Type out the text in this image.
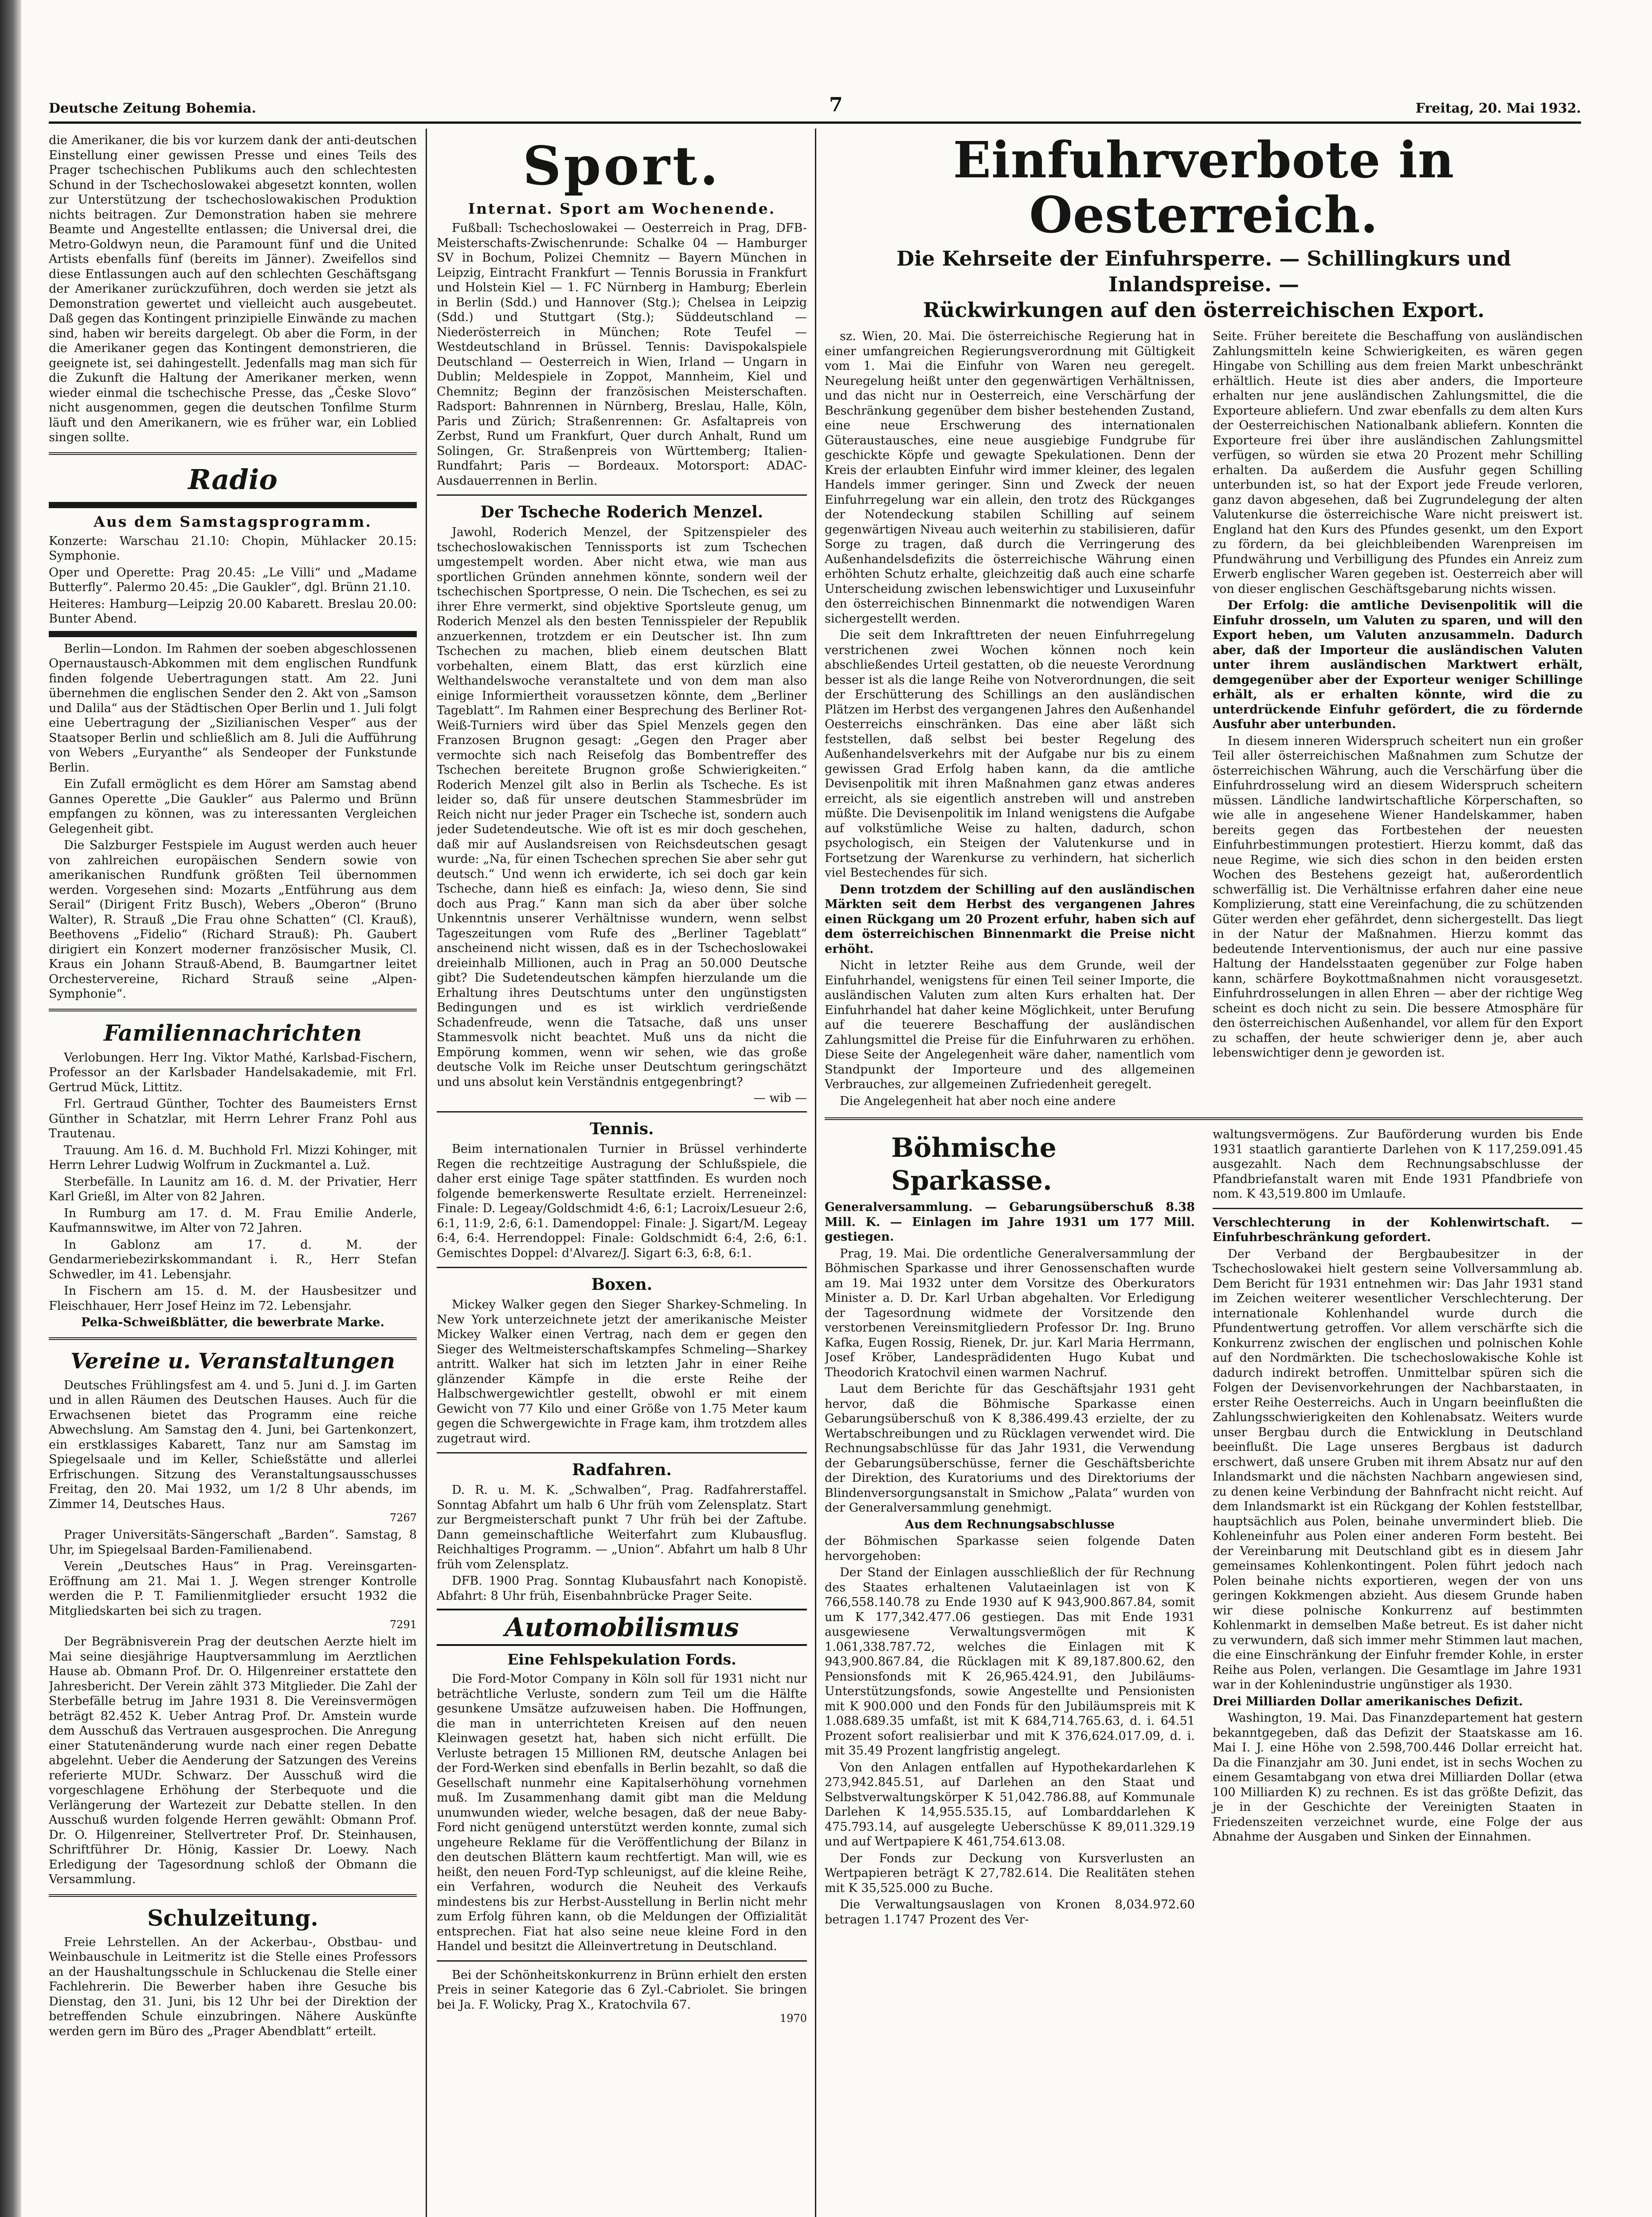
Deutsche Zeitung Bohemia.	7	Freitag, 20. Mai 1932.

die Amerikaner, die bis vor kurzem dank der anti-deutschen Einstellung einer gewissen Presse und eines Teils des Prager tschechischen Publikums auch den schlechtesten Schund in der Tschechoslowakei abgesetzt konnten, wollen zur Unterstützung der tschechoslowakischen Produktion nichts beitragen. Zur Demonstration haben sie mehrere Beamte und Angestellte entlassen; die Universal drei, die Metro-Goldwyn neun, die Paramount fünf und die United Artists ebenfalls fünf (bereits im Jänner). Zweifellos sind diese Entlassungen auch auf den schlechten Geschäftsgang der Amerikaner zurückzuführen, doch werden sie jetzt als Demonstration gewertet und vielleicht auch ausgebeutet. Daß gegen das Kontingent prinzipielle Einwände zu machen sind, haben wir bereits dargelegt. Ob aber die Form, in der die Amerikaner gegen das Kontingent demonstrieren, die geeignete ist, sei dahingestellt. Jedenfalls mag man sich für die Zukunft die Haltung der Amerikaner merken, wenn wieder einmal die tschechische Presse, das „Česke Slovo“ nicht ausgenommen, gegen die deutschen Tonfilme Sturm läuft und den Amerikanern, wie es früher war, ein Loblied singen sollte.

Radio
Aus dem Samstagsprogramm.

Konzerte: Warschau 21.10: Chopin, Mühlacker 20.15: Symphonie.

Oper und Operette: Prag 20.45: „Le Villi“ und „Madame Butterfly“. Palermo 20.45: „Die Gaukler“, dgl. Brünn 21.10.

Heiteres: Hamburg—Leipzig 20.00 Kabarett. Breslau 20.00: Bunter Abend.

Berlin—London. Im Rahmen der soeben abgeschlossenen Opernaustausch-Abkommen mit dem englischen Rundfunk finden folgende Uebertragungen statt. Am 22. Juni übernehmen die englischen Sender den 2. Akt von „Samson und Dalila“ aus der Städtischen Oper Berlin und 1. Juli folgt eine Uebertragung der „Sizilianischen Vesper“ aus der Staatsoper Berlin und schließlich am 8. Juli die Aufführung von Webers „Euryanthe“ als Sendeoper der Funkstunde Berlin.

Ein Zufall ermöglicht es dem Hörer am Samstag abend Gannes Operette „Die Gaukler“ aus Palermo und Brünn empfangen zu können, was zu interessanten Vergleichen Gelegenheit gibt.

Die Salzburger Festspiele im August werden auch heuer von zahlreichen europäischen Sendern sowie von amerikanischen Rundfunk größten Teil übernommen werden. Vorgesehen sind: Mozarts „Entführung aus dem Serail“ (Dirigent Fritz Busch), Webers „Oberon“ (Bruno Walter), R. Strauß „Die Frau ohne Schatten“ (Cl. Krauß), Beethovens „Fidelio“ (Richard Strauß): Ph. Gaubert dirigiert ein Konzert moderner französischer Musik, Cl. Kraus ein Johann Strauß-Abend, B. Baumgartner leitet Orchestervereine, Richard Strauß seine „Alpen-Symphonie“.

Familiennachrichten

Verlobungen. Herr Ing. Viktor Mathé, Karlsbad-Fischern, Professor an der Karlsbader Handelsakademie, mit Frl. Gertrud Mück, Littitz.

Frl. Gertraud Günther, Tochter des Baumeisters Ernst Günther in Schatzlar, mit Herrn Lehrer Franz Pohl aus Trautenau.

Trauung. Am 16. d. M. Buchhold Frl. Mizzi Kohinger, mit Herrn Lehrer Ludwig Wolfrum in Zuckmantel a. Luž.

Sterbefälle. In Launitz am 16. d. M. der Privatier, Herr Karl Grießl, im Alter von 82 Jahren.

In Rumburg am 17. d. M. Frau Emilie Anderle, Kaufmannswitwe, im Alter von 72 Jahren.

In Gablonz am 17. d. M. der Gendarmeriebezirkskommandant i. R., Herr Stefan Schwedler, im 41. Lebensjahr.

In Fischern am 15. d. M. der Hausbesitzer und Fleischhauer, Herr Josef Heinz im 72. Lebensjahr.

Pelka-Schweißblätter, die bewerbrate Marke.

Vereine u. Veranstaltungen

Deutsches Frühlingsfest am 4. und 5. Juni d. J. im Garten und in allen Räumen des Deutschen Hauses. Auch für die Erwachsenen bietet das Programm eine reiche Abwechslung. Am Samstag den 4. Juni, bei Gartenkonzert, ein erstklassiges Kabarett, Tanz nur am Samstag im Spiegelsaale und im Keller, Schießstätte und allerlei Erfrischungen. Sitzung des Veranstaltungsausschusses Freitag, den 20. Mai 1932, um 1/2 8 Uhr abends, im Zimmer 14, Deutsches Haus.

7267

Prager Universitäts-Sängerschaft „Barden“. Samstag, 8 Uhr, im Spiegelsaal Barden-Familienabend.

Verein „Deutsches Haus“ in Prag. Vereinsgarten-Eröffnung am 21. Mai 1. J. Wegen strenger Kontrolle werden die P. T. Familienmitglieder ersucht 1932 die Mitgliedskarten bei sich zu tragen.

7291

Der Begräbnisverein Prag der deutschen Aerzte hielt im Mai seine diesjährige Hauptversammlung im Aerztlichen Hause ab. Obmann Prof. Dr. O. Hilgenreiner erstattete den Jahresbericht. Der Verein zählt 373 Mitglieder. Die Zahl der Sterbefälle betrug im Jahre 1931 8. Die Vereinsvermögen beträgt 82.452 K. Ueber Antrag Prof. Dr. Amstein wurde dem Ausschuß das Vertrauen ausgesprochen. Die Anregung einer Statutenänderung wurde nach einer regen Debatte abgelehnt. Ueber die Aenderung der Satzungen des Vereins referierte MUDr. Schwarz. Der Ausschuß wird die vorgeschlagene Erhöhung der Sterbequote und die Verlängerung der Wartezeit zur Debatte stellen. In den Ausschuß wurden folgende Herren gewählt: Obmann Prof. Dr. O. Hilgenreiner, Stellvertreter Prof. Dr. Steinhausen, Schriftführer Dr. Hönig, Kassier Dr. Loewy. Nach Erledigung der Tagesordnung schloß der Obmann die Versammlung.

Schulzeitung.

Freie Lehrstellen. An der Ackerbau-, Obstbau- und Weinbauschule in Leitmeritz ist die Stelle eines Professors an der Haushaltungsschule in Schluckenau die Stelle einer Fachlehrerin. Die Bewerber haben ihre Gesuche bis Dienstag, den 31. Juni, bis 12 Uhr bei der Direktion der betreffenden Schule einzubringen. Nähere Auskünfte werden gern im Büro des „Prager Abendblatt“ erteilt.

Sport.
Internat. Sport am Wochenende.

Fußball: Tschechoslowakei — Oesterreich in Prag, DFB-Meisterschafts-Zwischenrunde: Schalke 04 — Hamburger SV in Bochum, Polizei Chemnitz — Bayern München in Leipzig, Eintracht Frankfurt — Tennis Borussia in Frankfurt und Holstein Kiel — 1. FC Nürnberg in Hamburg; Eberlein in Berlin (Sdd.) und Hannover (Stg.); Chelsea in Leipzig (Sdd.) und Stuttgart (Stg.); Süddeutschland — Niederösterreich in München; Rote Teufel — Westdeutschland in Brüssel. Tennis: Davispokalspiele Deutschland — Oesterreich in Wien, Irland — Ungarn in Dublin; Meldespiele in Zoppot, Mannheim, Kiel und Chemnitz; Beginn der französischen Meisterschaften. Radsport: Bahnrennen in Nürnberg, Breslau, Halle, Köln, Paris und Zürich; Straßenrennen: Gr. Asfaltapreis von Zerbst, Rund um Frankfurt, Quer durch Anhalt, Rund um Solingen, Gr. Straßenpreis von Württemberg; Italien-Rundfahrt; Paris — Bordeaux. Motorsport: ADAC-Ausdauerrennen in Berlin.

Der Tscheche Roderich Menzel.

Jawohl, Roderich Menzel, der Spitzenspieler des tschechoslowakischen Tennissports ist zum Tschechen umgestempelt worden. Aber nicht etwa, wie man aus sportlichen Gründen annehmen könnte, sondern weil der tschechischen Sportpresse, O nein. Die Tschechen, es sei zu ihrer Ehre vermerkt, sind objektive Sportsleute genug, um Roderich Menzel als den besten Tennisspieler der Republik anzuerkennen, trotzdem er ein Deutscher ist. Ihn zum Tschechen zu machen, blieb einem deutschen Blatt vorbehalten, einem Blatt, das erst kürzlich eine Welthandelswoche veranstaltete und von dem man also einige Informiertheit voraussetzen könnte, dem „Berliner Tageblatt“. Im Rahmen einer Besprechung des Berliner Rot-Weiß-Turniers wird über das Spiel Menzels gegen den Franzosen Brugnon gesagt: „Gegen den Prager aber vermochte sich nach Reisefolg das Bombentreffer des Tschechen bereitete Brugnon große Schwierigkeiten.“ Roderich Menzel gilt also in Berlin als Tscheche. Es ist leider so, daß für unsere deutschen Stammesbrüder im Reich nicht nur jeder Prager ein Tscheche ist, sondern auch jeder Sudetendeutsche. Wie oft ist es mir doch geschehen, daß mir auf Auslandsreisen von Reichsdeutschen gesagt wurde: „Na, für einen Tschechen sprechen Sie aber sehr gut deutsch.“ Und wenn ich erwiderte, ich sei doch gar kein Tscheche, dann hieß es einfach: Ja, wieso denn, Sie sind doch aus Prag.“ Kann man sich da aber über solche Unkenntnis unserer Verhältnisse wundern, wenn selbst Tageszeitungen vom Rufe des „Berliner Tageblatt“ anscheinend nicht wissen, daß es in der Tschechoslowakei dreieinhalb Millionen, auch in Prag an 50.000 Deutsche gibt? Die Sudetendeutschen kämpfen hierzulande um die Erhaltung ihres Deutschtums unter den ungünstigsten Bedingungen und es ist wirklich verdrießende Schadenfreude, wenn die Tatsache, daß uns unser Stammesvolk nicht beachtet. Muß uns da nicht die Empörung kommen, wenn wir sehen, wie das große deutsche Volk im Reiche unser Deutschtum geringschätzt und uns absolut kein Verständnis entgegenbringt?

— wib —
Tennis.

Beim internationalen Turnier in Brüssel verhinderte Regen die rechtzeitige Austragung der Schlußspiele, die daher erst einige Tage später stattfinden. Es wurden noch folgende bemerkenswerte Resultate erzielt. Herreneinzel: Finale: D. Legeay/Goldschmidt 4:6, 6:1; Lacroix/Lesueur 2:6, 6:1, 11:9, 2:6, 6:1. Damendoppel: Finale: J. Sigart/M. Legeay 6:4, 6:4. Herrendoppel: Finale: Goldschmidt 6:4, 2:6, 6:1. Gemischtes Doppel: d'Alvarez/J. Sigart 6:3, 6:8, 6:1.

Boxen.

Mickey Walker gegen den Sieger Sharkey-Schmeling. In New York unterzeichnete jetzt der amerikanische Meister Mickey Walker einen Vertrag, nach dem er gegen den Sieger des Weltmeisterschaftskampfes Schmeling—Sharkey antritt. Walker hat sich im letzten Jahr in einer Reihe glänzender Kämpfe in die erste Reihe der Halbschwergewichtler gestellt, obwohl er mit einem Gewicht von 77 Kilo und einer Größe von 1.75 Meter kaum gegen die Schwergewichte in Frage kam, ihm trotzdem alles zugetraut wird.

Radfahren.

D. R. u. M. K. „Schwalben“, Prag. Radfahrerstaffel. Sonntag Abfahrt um halb 6 Uhr früh vom Zelensplatz. Start zur Bergmeisterschaft punkt 7 Uhr früh bei der Zaftube. Dann gemeinschaftliche Weiterfahrt zum Klubausflug. Reichhaltiges Programm. — „Union“. Abfahrt um halb 8 Uhr früh vom Zelensplatz.

DFB. 1900 Prag. Sonntag Klubausfahrt nach Konopistě. Abfahrt: 8 Uhr früh, Eisenbahnbrücke Prager Seite.

Automobilismus
Eine Fehlspekulation Fords.

Die Ford-Motor Company in Köln soll für 1931 nicht nur beträchtliche Verluste, sondern zum Teil um die Hälfte gesunkene Umsätze aufzuweisen haben. Die Hoffnungen, die man in unterrichteten Kreisen auf den neuen Kleinwagen gesetzt hat, haben sich nicht erfüllt. Die Verluste betragen 15 Millionen RM, deutsche Anlagen bei der Ford-Werken sind ebenfalls in Berlin bezahlt, so daß die Gesellschaft nunmehr eine Kapitalserhöhung vornehmen muß. Im Zusammenhang damit gibt man die Meldung unumwunden wieder, welche besagen, daß der neue Baby-Ford nicht genügend unterstützt werden konnte, zumal sich ungeheure Reklame für die Veröffentlichung der Bilanz in den deutschen Blättern kaum rechtfertigt. Man will, wie es heißt, den neuen Ford-Typ schleunigst, auf die kleine Reihe, ein Verfahren, wodurch die Neuheit des Verkaufs mindestens bis zur Herbst-Ausstellung in Berlin nicht mehr zum Erfolg führen kann, ob die Meldungen der Offizialität entsprechen. Fiat hat also seine neue kleine Ford in den Handel und besitzt die Alleinvertretung in Deutschland.

Bei der Schönheitskonkurrenz in Brünn erhielt den ersten Preis in seiner Kategorie das 6 Zyl.-Cabriolet. Sie bringen bei Ja. F. Wolicky, Prag X., Kratochvila 67.

1970
Einfuhrverbote in Oesterreich.
Die Kehrseite der Einfuhrsperre. — Schillingkurs und Inlandspreise. —
Rückwirkungen auf den österreichischen Export.

sz. Wien, 20. Mai. Die österreichische Regierung hat in einer umfangreichen Regierungsverordnung mit Gültigkeit vom 1. Mai die Einfuhr von Waren neu geregelt. Neuregelung heißt unter den gegenwärtigen Verhältnissen, und das nicht nur in Oesterreich, eine Verschärfung der Beschränkung gegenüber dem bisher bestehenden Zustand, eine neue Erschwerung des internationalen Güteraustausches, eine neue ausgiebige Fundgrube für geschickte Köpfe und gewagte Spekulationen. Denn der Kreis der erlaubten Einfuhr wird immer kleiner, des legalen Handels immer geringer. Sinn und Zweck der neuen Einfuhrregelung war ein allein, den trotz des Rückganges der Notendeckung stabilen Schilling auf seinem gegenwärtigen Niveau auch weiterhin zu stabilisieren, dafür Sorge zu tragen, daß durch die Verringerung des Außenhandelsdefizits die österreichische Währung einen erhöhten Schutz erhalte, gleichzeitig daß auch eine scharfe Unterscheidung zwischen lebenswichtiger und Luxuseinfuhr den österreichischen Binnenmarkt die notwendigen Waren sichergestellt werden.

Die seit dem Inkrafttreten der neuen Einfuhrregelung verstrichenen zwei Wochen können noch kein abschließendes Urteil gestatten, ob die neueste Verordnung besser ist als die lange Reihe von Notverordnungen, die seit der Erschütterung des Schillings an den ausländischen Plätzen im Herbst des vergangenen Jahres den Außenhandel Oesterreichs einschränken. Das eine aber läßt sich feststellen, daß selbst bei bester Regelung des Außenhandelsverkehrs mit der Aufgabe nur bis zu einem gewissen Grad Erfolg haben kann, da die amtliche Devisenpolitik mit ihren Maßnahmen ganz etwas anderes erreicht, als sie eigentlich anstreben will und anstreben müßte. Die Devisenpolitik im Inland wenigstens die Aufgabe auf volkstümliche Weise zu halten, dadurch, schon psychologisch, ein Steigen der Valutenkurse und in Fortsetzung der Warenkurse zu verhindern, hat sicherlich viel Bestechendes für sich.

Denn trotzdem der Schilling auf den ausländischen Märkten seit dem Herbst des vergangenen Jahres einen Rückgang um 20 Prozent erfuhr, haben sich auf dem österreichischen Binnenmarkt die Preise nicht erhöht.

Nicht in letzter Reihe aus dem Grunde, weil der Einfuhrhandel, wenigstens für einen Teil seiner Importe, die ausländischen Valuten zum alten Kurs erhalten hat. Der Einfuhrhandel hat daher keine Möglichkeit, unter Berufung auf die teuerere Beschaffung der ausländischen Zahlungsmittel die Preise für die Einfuhrwaren zu erhöhen. Diese Seite der Angelegenheit wäre daher, namentlich vom Standpunkt der Importeure und des allgemeinen Verbrauches, zur allgemeinen Zufriedenheit geregelt.

Die Angelegenheit hat aber noch eine andere

Seite. Früher bereitete die Beschaffung von ausländischen Zahlungsmitteln keine Schwierigkeiten, es wären gegen Hingabe von Schilling aus dem freien Markt unbeschränkt erhältlich. Heute ist dies aber anders, die Importeure erhalten nur jene ausländischen Zahlungsmittel, die die Exporteure abliefern. Und zwar ebenfalls zu dem alten Kurs der Oesterreichischen Nationalbank abliefern. Konnten die Exporteure frei über ihre ausländischen Zahlungsmittel verfügen, so würden sie etwa 20 Prozent mehr Schilling erhalten. Da außerdem die Ausfuhr gegen Schilling unterbunden ist, so hat der Export jede Freude verloren, ganz davon abgesehen, daß bei Zugrundelegung der alten Valutenkurse die österreichische Ware nicht preiswert ist. England hat den Kurs des Pfundes gesenkt, um den Export zu fördern, da bei gleichbleibenden Warenpreisen im Pfundwährung und Verbilligung des Pfundes ein Anreiz zum Erwerb englischer Waren gegeben ist. Oesterreich aber will von dieser englischen Geschäftsgebarung nichts wissen.

Der Erfolg: die amtliche Devisenpolitik will die Einfuhr drosseln, um Valuten zu sparen, und will den Export heben, um Valuten anzusammeln. Dadurch aber, daß der Importeur die ausländischen Valuten unter ihrem ausländischen Marktwert erhält, demgegenüber aber der Exporteur weniger Schillinge erhält, als er erhalten könnte, wird die zu unterdrückende Einfuhr gefördert, die zu fördernde Ausfuhr aber unterbunden.

In diesem inneren Widerspruch scheitert nun ein großer Teil aller österreichischen Maßnahmen zum Schutze der österreichischen Währung, auch die Verschärfung über die Einfuhrdrosselung wird an diesem Widerspruch scheitern müssen. Ländliche landwirtschaftliche Körperschaften, so wie alle in angesehene Wiener Handelskammer, haben bereits gegen das Fortbestehen der neuesten Einfuhrbestimmungen protestiert. Hierzu kommt, daß das neue Regime, wie sich dies schon in den beiden ersten Wochen des Bestehens gezeigt hat, außerordentlich schwerfällig ist. Die Verhältnisse erfahren daher eine neue Komplizierung, statt eine Vereinfachung, die zu schützenden Güter werden eher gefährdet, denn sichergestellt. Das liegt in der Natur der Maßnahmen. Hierzu kommt das bedeutende Interventionismus, der auch nur eine passive Haltung der Handelsstaaten gegenüber zur Folge haben kann, schärfere Boykottmaßnahmen nicht vorausgesetzt. Einfuhrdrosselungen in allen Ehren — aber der richtige Weg scheint es doch nicht zu sein. Die bessere Atmosphäre für den österreichischen Außenhandel, vor allem für den Export zu schaffen, der heute schwieriger denn je, aber auch lebenswichtiger denn je geworden ist.

Böhmische Sparkasse.

Generalversammlung. — Gebarungsüberschuß 8.38 Mill. K. — Einlagen im Jahre 1931 um 177 Mill. gestiegen.

Prag, 19. Mai. Die ordentliche Generalversammlung der Böhmischen Sparkasse und ihrer Genossenschaften wurde am 19. Mai 1932 unter dem Vorsitze des Oberkurators Minister a. D. Dr. Karl Urban abgehalten. Vor Erledigung der Tagesordnung widmete der Vorsitzende den verstorbenen Vereinsmitgliedern Professor Dr. Ing. Bruno Kafka, Eugen Rossig, Rienek, Dr. jur. Karl Maria Herrmann, Josef Kröber, Landesprädidenten Hugo Kubat und Theodorich Kratochvil einen warmen Nachruf.

Laut dem Berichte für das Geschäftsjahr 1931 geht hervor, daß die Böhmische Sparkasse einen Gebarungsüberschuß von K 8,386.499.43 erzielte, der zu Wertabschreibungen und zu Rücklagen verwendet wird. Die Rechnungsabschlüsse für das Jahr 1931, die Verwendung der Gebarungsüberschüsse, ferner die Geschäftsberichte der Direktion, des Kuratoriums und des Direktoriums der Blindenversorgungsanstalt in Smichow „Palata“ wurden von der Generalversammlung genehmigt.

Aus dem Rechnungsabschlusse

der Böhmischen Sparkasse seien folgende Daten hervorgehoben:

Der Stand der Einlagen ausschließlich der für Rechnung des Staates erhaltenen Valutaeinlagen ist von K 766,558.140.78 zu Ende 1930 auf K 943,900.867.84, somit um K 177,342.477.06 gestiegen. Das mit Ende 1931 ausgewiesene Verwaltungsvermögen mit K 1.061,338.787.72, welches die Einlagen mit K 943,900.867.84, die Rücklagen mit K 89,187.800.62, den Pensionsfonds mit K 26,965.424.91, den Jubiläums-Unterstützungsfonds, sowie Angestellte und Pensionisten mit K 900.000 und den Fonds für den Jubiläumspreis mit K 1.088.689.35 umfaßt, ist mit K 684,714.765.63, d. i. 64.51 Prozent sofort realisierbar und mit K 376,624.017.09, d. i. mit 35.49 Prozent langfristig angelegt.

Von den Anlagen entfallen auf Hypothekardarlehen K 273,942.845.51, auf Darlehen an den Staat und Selbstverwaltungskörper K 51,042.786.88, auf Kommunale Darlehen K 14,955.535.15, auf Lombarddarlehen K 475.793.14, auf ausgelegte Ueberschüsse K 89,011.329.19 und auf Wertpapiere K 461,754.613.08.

Der Fonds zur Deckung von Kursverlusten an Wertpapieren beträgt K 27,782.614. Die Realitäten stehen mit K 35,525.000 zu Buche.

Die Verwaltungsauslagen von Kronen 8,034.972.60 betragen 1.1747 Prozent des Ver-

waltungsvermögens. Zur Bauförderung wurden bis Ende 1931 staatlich garantierte Darlehen von K 117,259.091.45 ausgezahlt. Nach dem Rechnungsabschlusse der Pfandbriefanstalt waren mit Ende 1931 Pfandbriefe von nom. K 43,519.800 im Umlaufe.

Verschlechterung in der Kohlenwirtschaft. — Einfuhrbeschränkung gefordert.

Der Verband der Bergbaubesitzer in der Tschechoslowakei hielt gestern seine Vollversammlung ab. Dem Bericht für 1931 entnehmen wir: Das Jahr 1931 stand im Zeichen weiterer wesentlicher Verschlechterung. Der internationale Kohlenhandel wurde durch die Pfundentwertung getroffen. Vor allem verschärfte sich die Konkurrenz zwischen der englischen und polnischen Kohle auf den Nordmärkten. Die tschechoslowakische Kohle ist dadurch indirekt betroffen. Unmittelbar spüren sich die Folgen der Devisenvorkehrungen der Nachbarstaaten, in erster Reihe Oesterreichs. Auch in Ungarn beeinflußten die Zahlungsschwierigkeiten den Kohlenabsatz. Weiters wurde unser Bergbau durch die Entwicklung in Deutschland beeinflußt. Die Lage unseres Bergbaus ist dadurch erschwert, daß unsere Gruben mit ihrem Absatz nur auf den Inlandsmarkt und die nächsten Nachbarn angewiesen sind, zu denen keine Verbindung der Bahnfracht nicht reicht. Auf dem Inlandsmarkt ist ein Rückgang der Kohlen feststellbar, hauptsächlich aus Polen, beinahe unvermindert blieb. Die Kohleneinfuhr aus Polen einer anderen Form besteht. Bei der Vereinbarung mit Deutschland gibt es in diesem Jahr gemeinsames Kohlenkontingent. Polen führt jedoch nach Polen beinahe nichts exportieren, wegen der von uns geringen Kokkmengen abzieht. Aus diesem Grunde haben wir diese polnische Konkurrenz auf bestimmten Kohlenmarkt in demselben Maße betreut. Es ist daher nicht zu verwundern, daß sich immer mehr Stimmen laut machen, die eine Einschränkung der Einfuhr fremder Kohle, in erster Reihe aus Polen, verlangen. Die Gesamtlage im Jahre 1931 war in der Kohlenindustrie ungünstiger als 1930.

Drei Milliarden Dollar amerikanisches Defizit.

Washington, 19. Mai. Das Finanzdepartement hat gestern bekanntgegeben, daß das Defizit der Staatskasse am 16. Mai I. J. eine Höhe von 2.598,700.446 Dollar erreicht hat. Da die Finanzjahr am 30. Juni endet, ist in sechs Wochen zu einem Gesamtabgang von etwa drei Milliarden Dollar (etwa 100 Milliarden K) zu rechnen. Es ist das größte Defizit, das je in der Geschichte der Vereinigten Staaten in Friedenszeiten verzeichnet wurde, eine Folge der aus Abnahme der Ausgaben und Sinken der Einnahmen.
